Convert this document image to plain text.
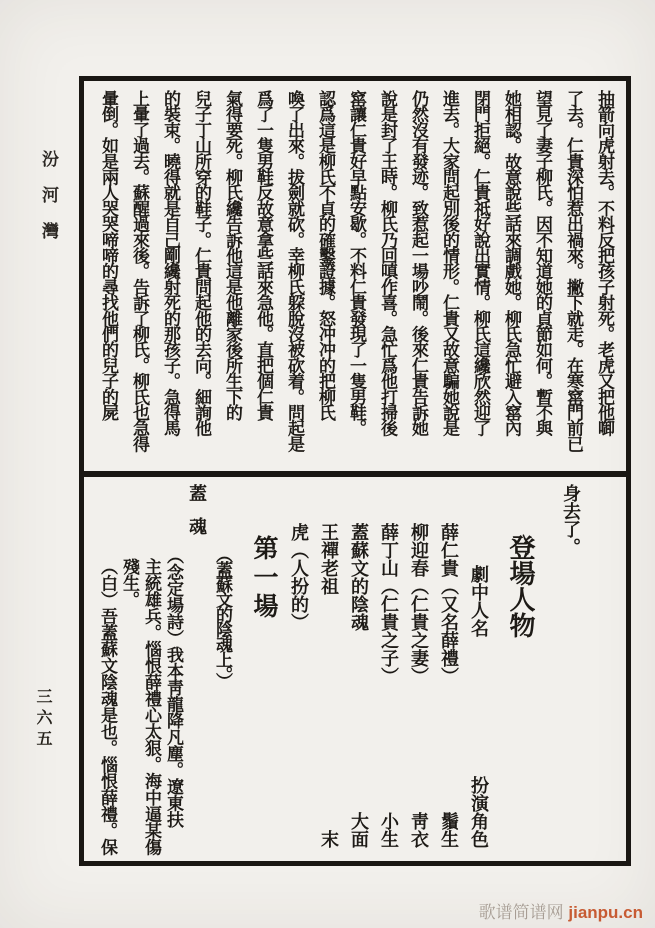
汾河灣
三六五

抽箭向虎射去。不料反把孩子射死。老虎又把他啣

了去。仁貴深怕惹出禍來。撇下就走。在寒窰門前已

望見了妻子柳氏。因不知道她的貞節如何。暫不與

她相認。故意說些話來調戲她。柳氏急忙避入窰內

閉門拒絕。仁貴祗好說出實情。柳氏這纔欣然迎了

進去。大家問起別後的情形。仁貴又故意騙她說是

仍然沒有發迹。致惹起一場吵鬧。後來仁貴告訴她

說是封了王時。柳氏乃回嗔作喜。急忙爲他打掃後

窰讓仁貴好早點安歇。不料仁貴發現了一隻男鞋。

認爲這是柳氏不貞的確鑿證據。怒冲冲的把柳氏

喚了出來。拔劍就砍。幸柳氏躱脫沒被砍着。問起是

爲了一隻男鞋反故意拿些話來急他。直把個仁貴

氣得要死。柳氏纔告訴他這是他離家後所生下的

兒子丁山所穿的鞋子。仁貴問起他的去向。細詢他

的裝束。曉得就是自己剛纔射死的那孩子。急得馬

上暈了過去。蘇醒過來後。告訴了柳氏。柳氏也急得

暈倒。如是兩人哭哭啼啼的尋找他們的兒子的屍

身去了。

登場人物
劇中人名
扮演角色
薛仁貴（又名薛禮）
鬚生
柳迎春（仁貴之妻）
靑衣
薛丁山（仁貴之子）
小生
蓋蘇文的陰魂
大面
王禪老祖
末
虎（人扮的）
第一場

（蓋蘇文的陰魂上。）

蓋魂

（念定場詩）我本靑龍降凡塵。遼東扶

主統雄兵。惱恨薛禮心太狠。海中逼某傷

殘生。

（白）吾蓋蘇文陰魂是也。惱恨薛禮。保

歌谱简谱网 jianpu.cn
